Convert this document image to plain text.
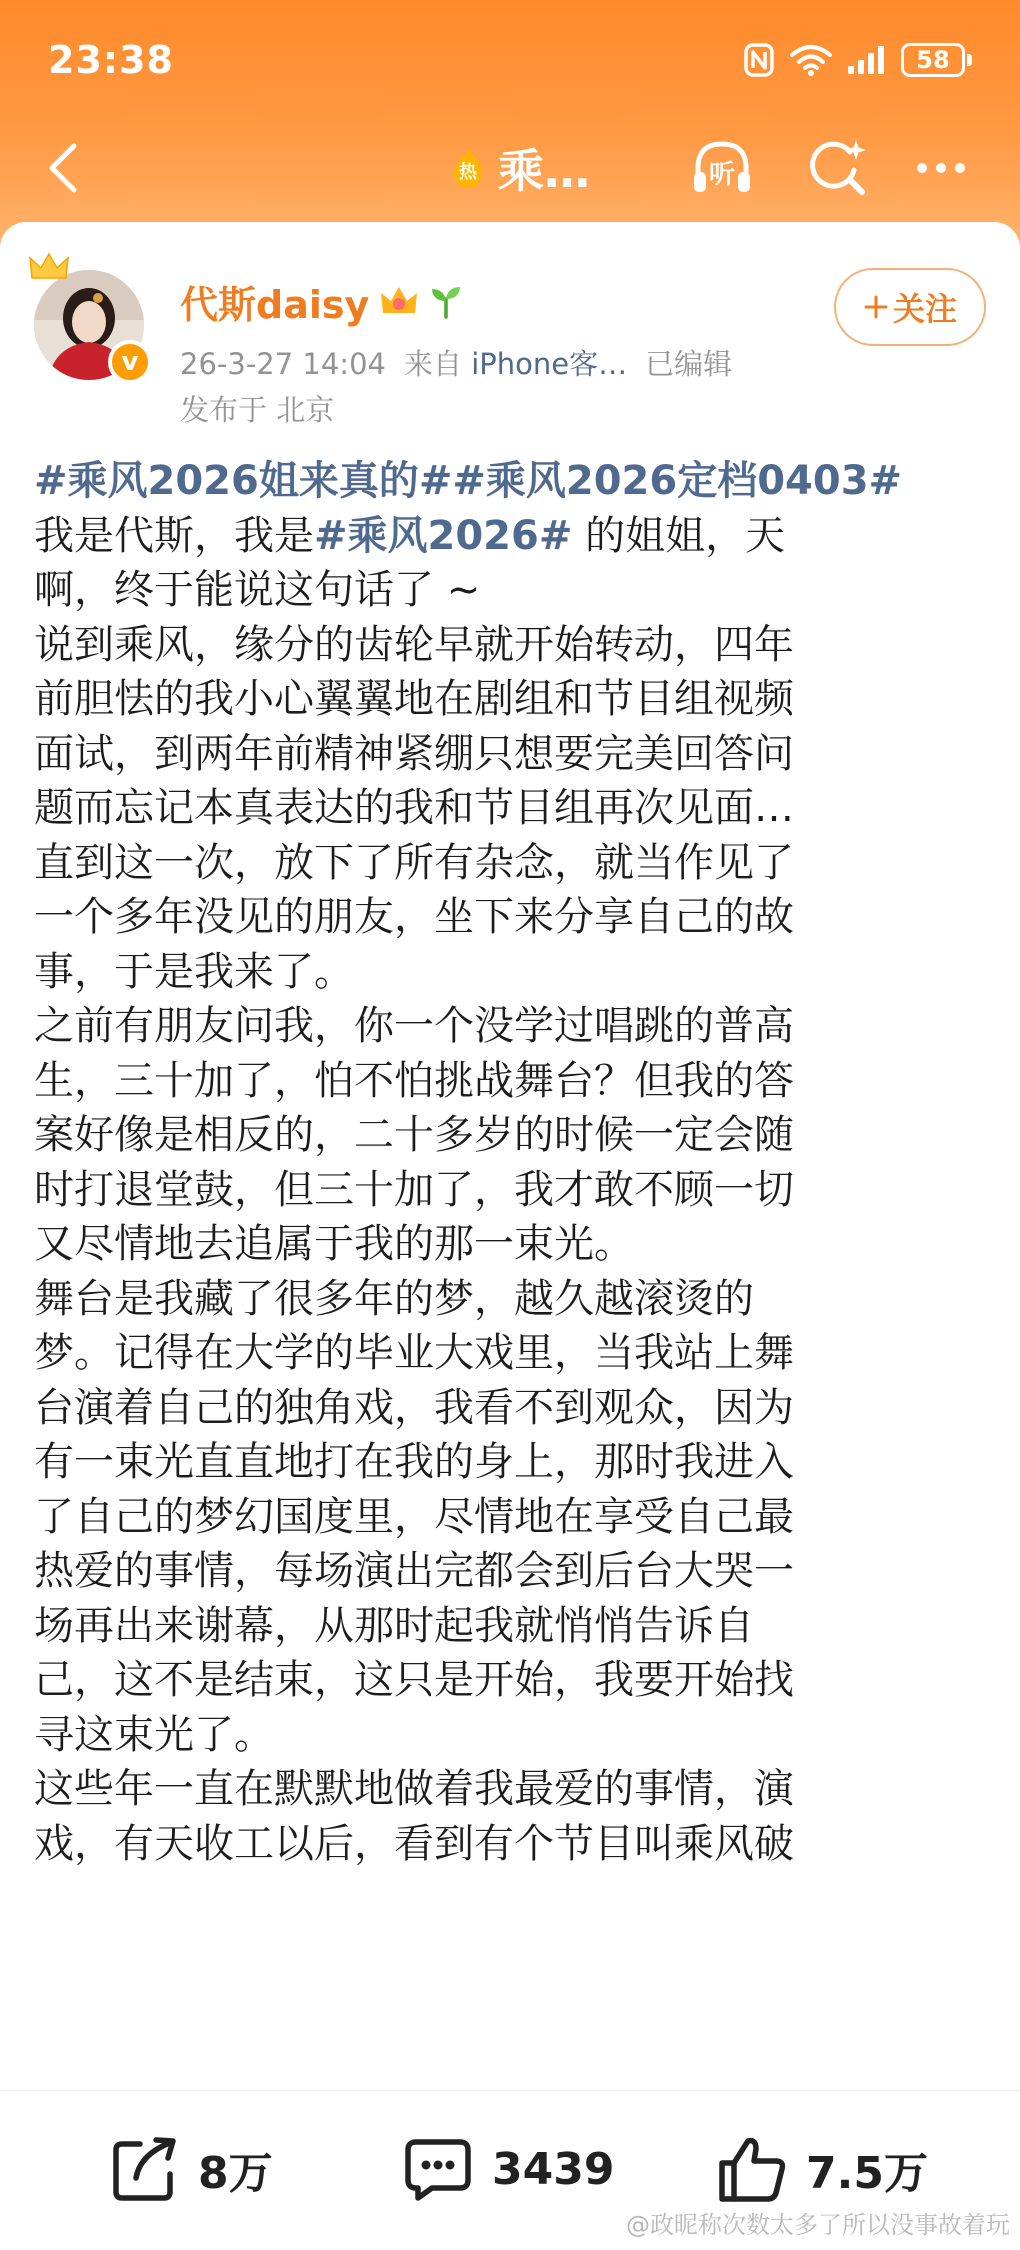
23:38	58
热 乘…	听
v
代斯daisy
26-3-27 14:04 来自 iPhone客… 已编辑
发布于 北京
关注
#乘风2026姐来真的##乘风2026定档0403#
我是代斯，我是#乘风2026# 的姐姐，天
啊，终于能说这句话了 ~
说到乘风，缘分的齿轮早就开始转动，四年
前胆怯的我小心翼翼地在剧组和节目组视频
面试，到两年前精神紧绷只想要完美回答问
题而忘记本真表达的我和节目组再次见面…
直到这一次，放下了所有杂念，就当作见了
一个多年没见的朋友，坐下来分享自己的故
事，于是我来了。
之前有朋友问我，你一个没学过唱跳的普高
生，三十加了，怕不怕挑战舞台？但我的答
案好像是相反的，二十多岁的时候一定会随
时打退堂鼓，但三十加了，我才敢不顾一切
又尽情地去追属于我的那一束光。
舞台是我藏了很多年的梦，越久越滚烫的
梦。记得在大学的毕业大戏里，当我站上舞
台演着自己的独角戏，我看不到观众，因为
有一束光直直地打在我的身上，那时我进入
了自己的梦幻国度里，尽情地在享受自己最
热爱的事情，每场演出完都会到后台大哭一
场再出来谢幕，从那时起我就悄悄告诉自
己，这不是结束，这只是开始，我要开始找
寻这束光了。
这些年一直在默默地做着我最爱的事情，演
戏，有天收工以后，看到有个节目叫乘风破
8万	3439	7.5万
@政昵称次数太多了所以没事故着玩
